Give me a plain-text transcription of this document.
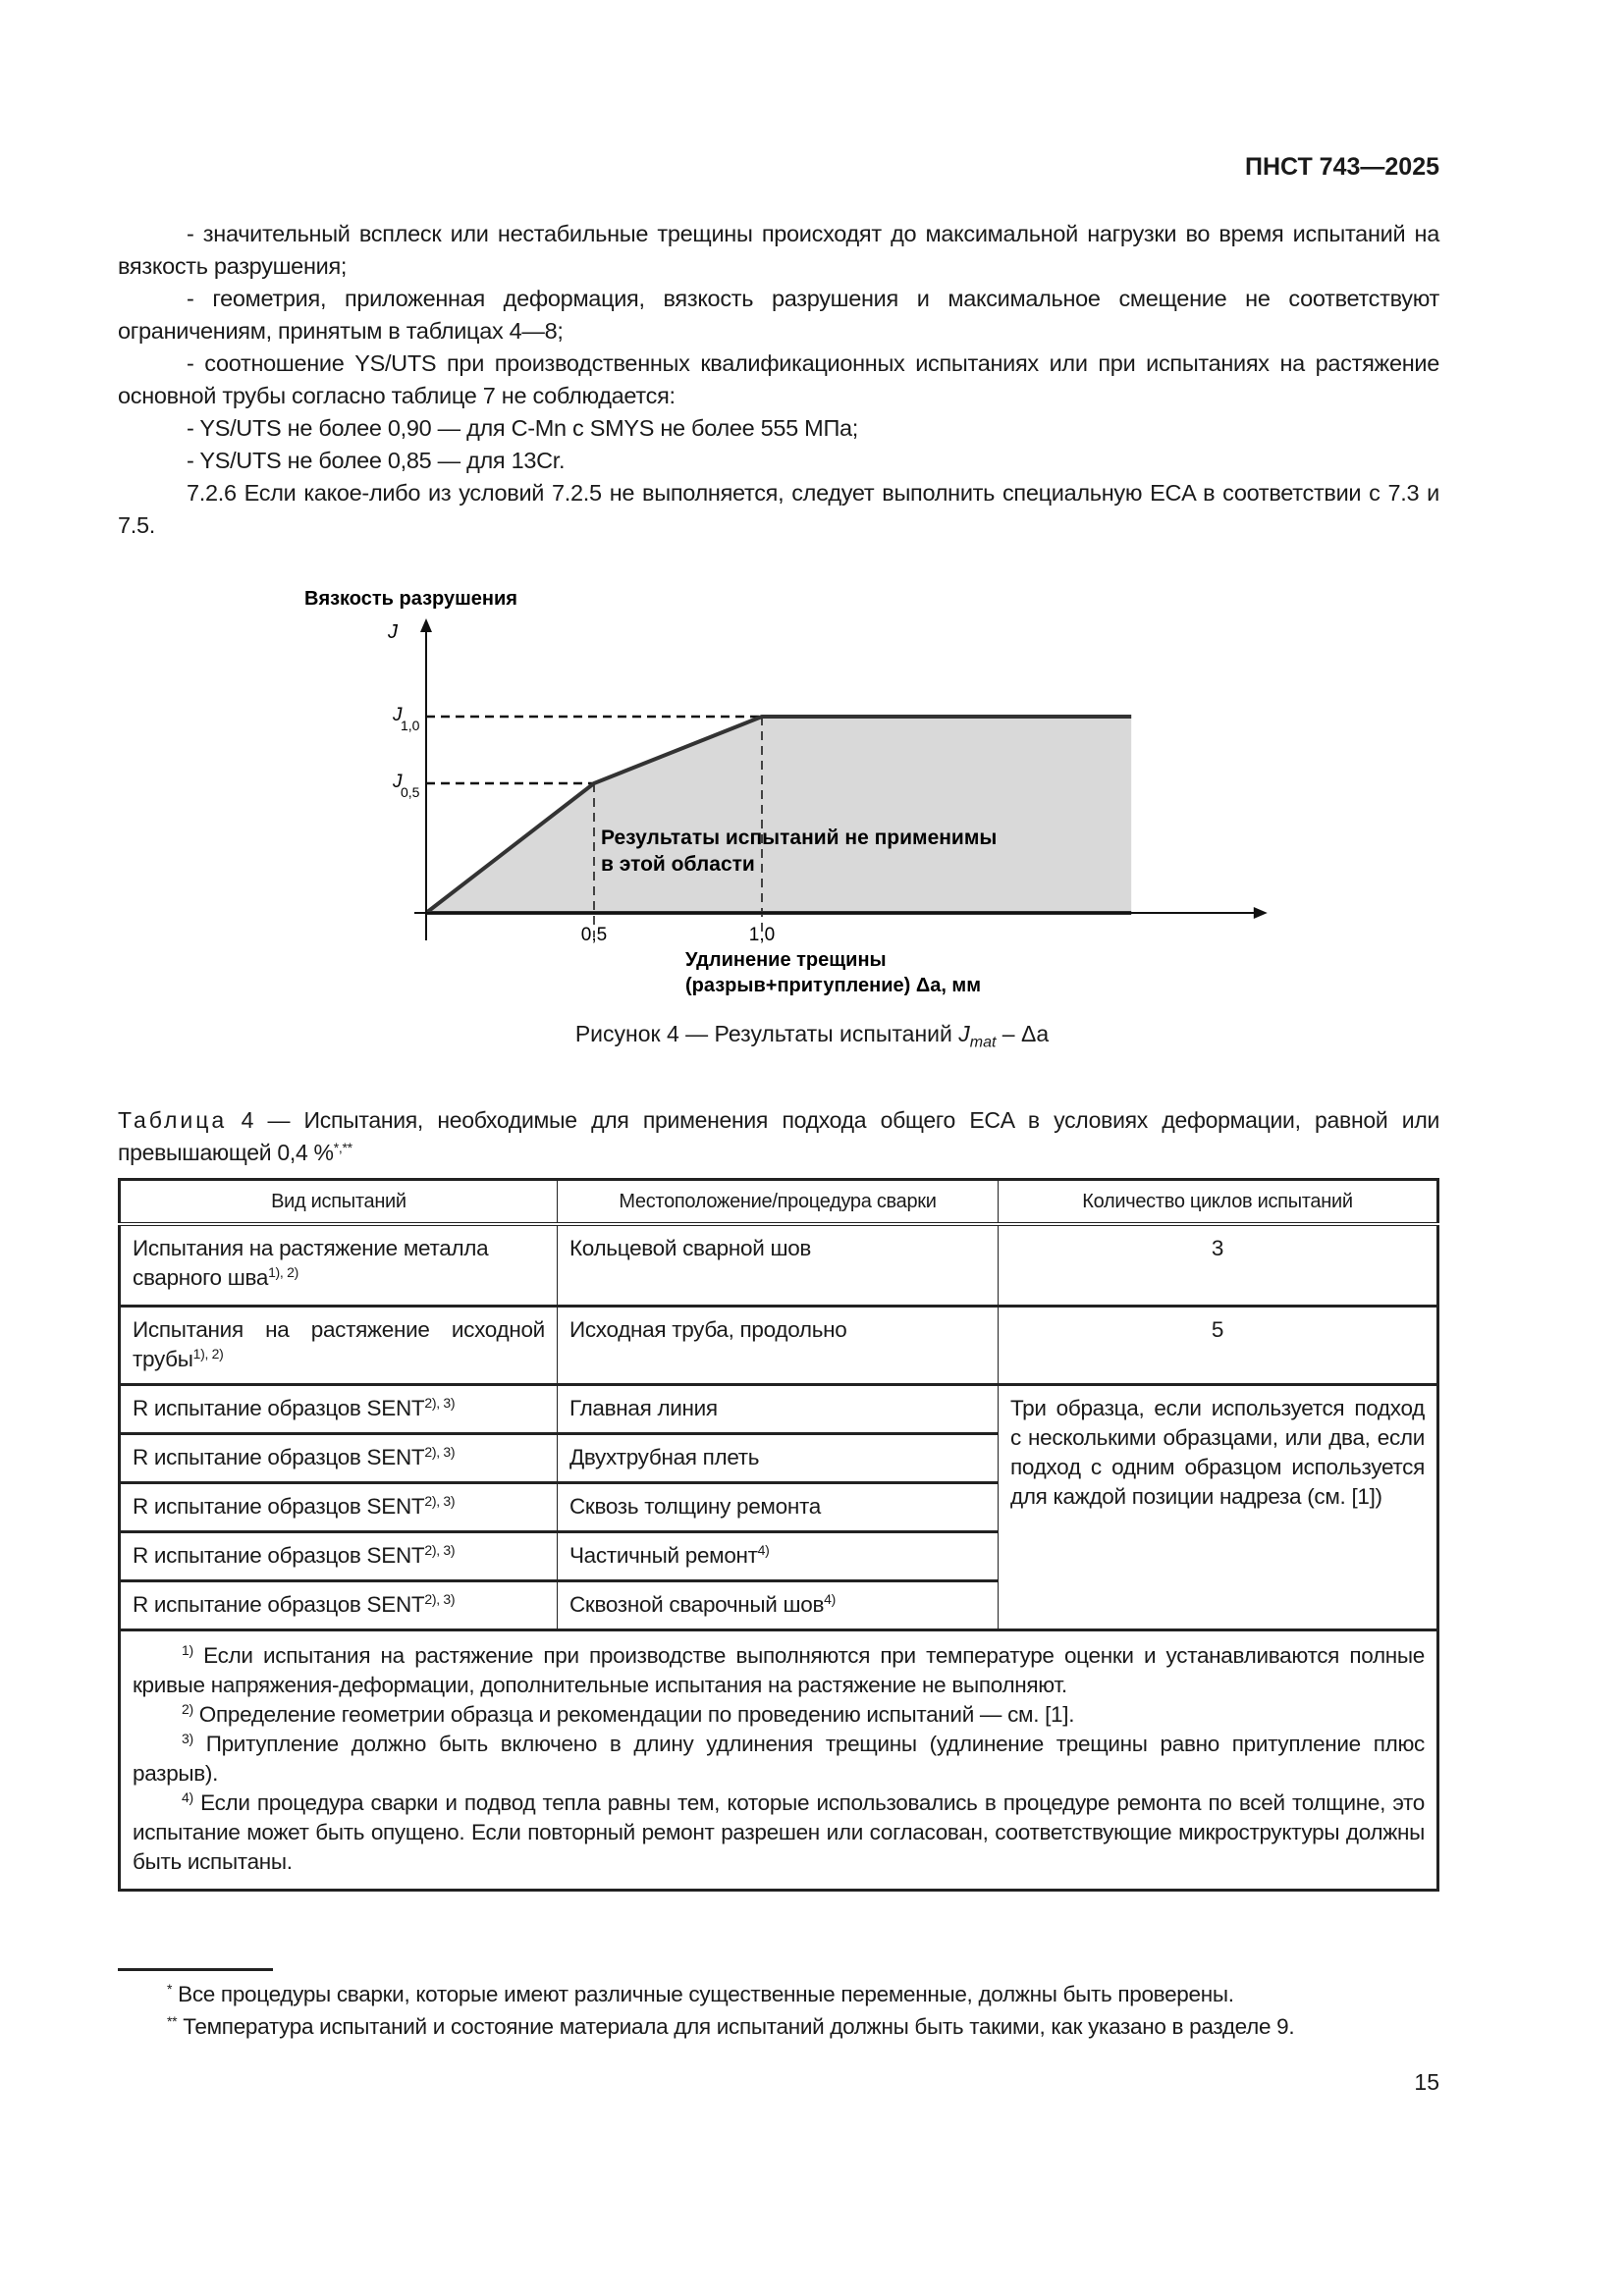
ПНСТ 743—2025

- значительный всплеск или нестабильные трещины происходят до максимальной нагрузки во время испытаний на вязкость разрушения;

- геометрия, приложенная деформация, вязкость разрушения и максимальное смещение не соответствуют ограничениям, принятым в таблицах 4—8;

- соотношение YS/UTS при производственных квалификационных испытаниях или при испытаниях на растяжение основной трубы согласно таблице 7 не соблюдается:

- YS/UTS не более 0,90 — для C-Mn с SMYS не более 555 МПа;

- YS/UTS не более 0,85 — для 13Cr.

7.2.6 Если какое-либо из условий 7.2.5 не выполняется, следует выполнить специальную ECA в соответствии с 7.3 и 7.5.

Вязкость разрушения
J
1,0
J
0,5
0,5	1,0
J
Удлинение трещины
(разрыв+притупление) Δa, мм
Результаты испытаний не применимы
в этой области
Рисунок 4 — Результаты испытаний $J_{mat}$ – Δa
Таблица 4 — Испытания, необходимые для применения подхода общего ECA в условиях деформации, равной или превышающей 0,4 %*,**
Вид испытаний	Местоположение/процедура сварки	Количество циклов испытаний
Испытания на растяжение металла сварного шва$^{1), 2)}$	Кольцевой сварной шов	3
Испытания на растяжение исходной трубы$^{1), 2)}$	Исходная труба, продольно	5
R испытание образцов $SENT^{2), 3)}$	Главная линия	Три образца, если используется подход с несколькими образцами, или два, если подход с одним образцом используется для каждой позиции надреза (см. [1])
R испытание образцов $SENT^{2), 3)}$	Двухтрубная плеть	
R испытание образцов $SENT^{2), 3)}$	Сквозь толщину ремонта	
R испытание образцов $SENT^{2), 3)}$	Частичный ремонт$^{4)}$
R испытание образцов $SENT^{2), 3)}$	Сквозной сварочный шов$^{4)}$

$^{1)}$ Если испытания на растяжение при производстве выполняются при температуре оценки и устанавливаются полные кривые напряжения-деформации, дополнительные испытания на растяжение не выполняют.

$^{2)}$ Определение геометрии образца и рекомендации по проведению испытаний — см. [1].

$^{3)}$ Притупление должно быть включено в длину удлинения трещины (удлинение трещины равно притупление плюс разрыв).

$^{4)}$ Если процедура сварки и подвод тепла равны тем, которые использовались в процедуре ремонта по всей толщине, это испытание может быть опущено. Если повторный ремонт разрешен или согласован, соответствующие микроструктуры должны быть испытаны.		

* Все процедуры сварки, которые имеют различные существенные переменные, должны быть проверены.

** Температура испытаний и состояние материала для испытаний должны быть такими, как указано в разделе 9.

15
